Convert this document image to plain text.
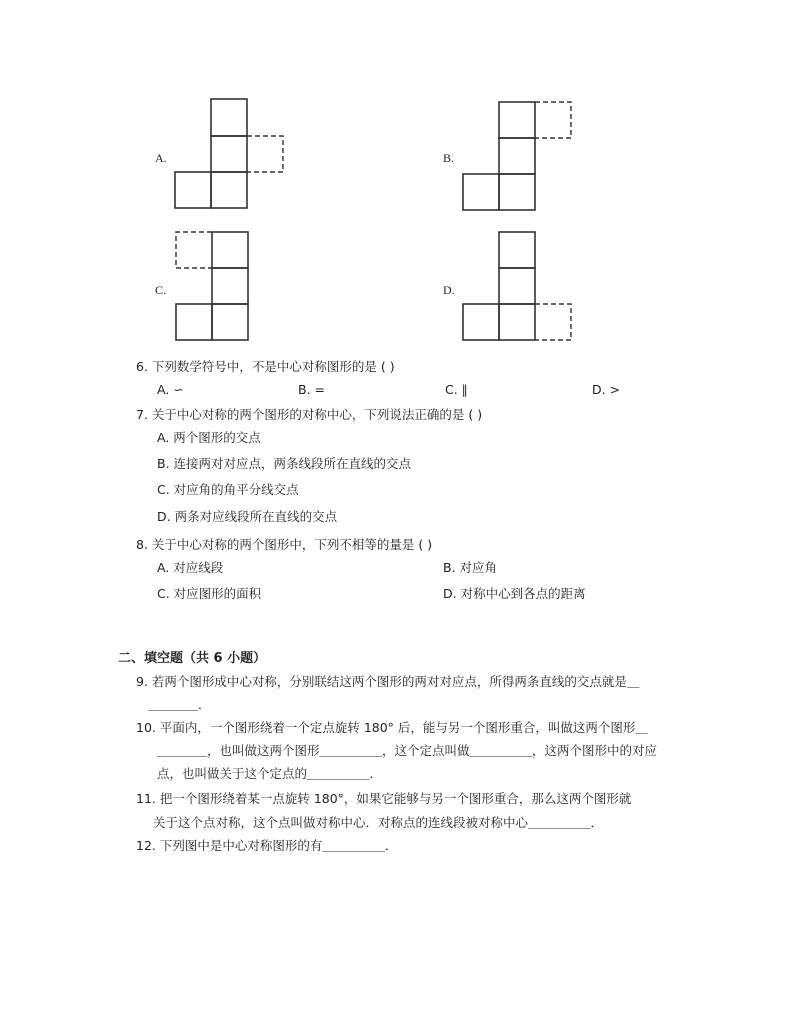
A.	B.
C.	D.
6. 下列数学符号中，不是中心对称图形的是 ( )
A. ∽	B. =	C. ∥	D. >
7. 关于中心对称的两个图形的对称中心，下列说法正确的是 ( )
A. 两个图形的交点
B. 连接两对对应点，两条线段所在直线的交点
C. 对应角的角平分线交点
D. 两条对应线段所在直线的交点
8. 关于中心对称的两个图形中，下列不相等的量是 ( )
A. 对应线段	B. 对应角
C. 对应图形的面积	D. 对称中心到各点的距离
二、填空题（共 6 小题）
9. 若两个图形成中心对称，分别联结这两个图形的两对对应点，所得两条直线的交点就是＿
＿＿＿＿．
10. 平面内，一个图形绕着一个定点旋转 180° 后，能与另一个图形重合，叫做这两个图形＿
＿＿＿＿，也叫做这两个图形＿＿＿＿＿，这个定点叫做＿＿＿＿＿，这两个图形中的对应
点，也叫做关于这个定点的＿＿＿＿＿．
11. 把一个图形绕着某一点旋转 180°，如果它能够与另一个图形重合，那么这两个图形就
关于这个点对称，这个点叫做对称中心．对称点的连线段被对称中心＿＿＿＿＿．
12. 下列图中是中心对称图形的有＿＿＿＿＿．
